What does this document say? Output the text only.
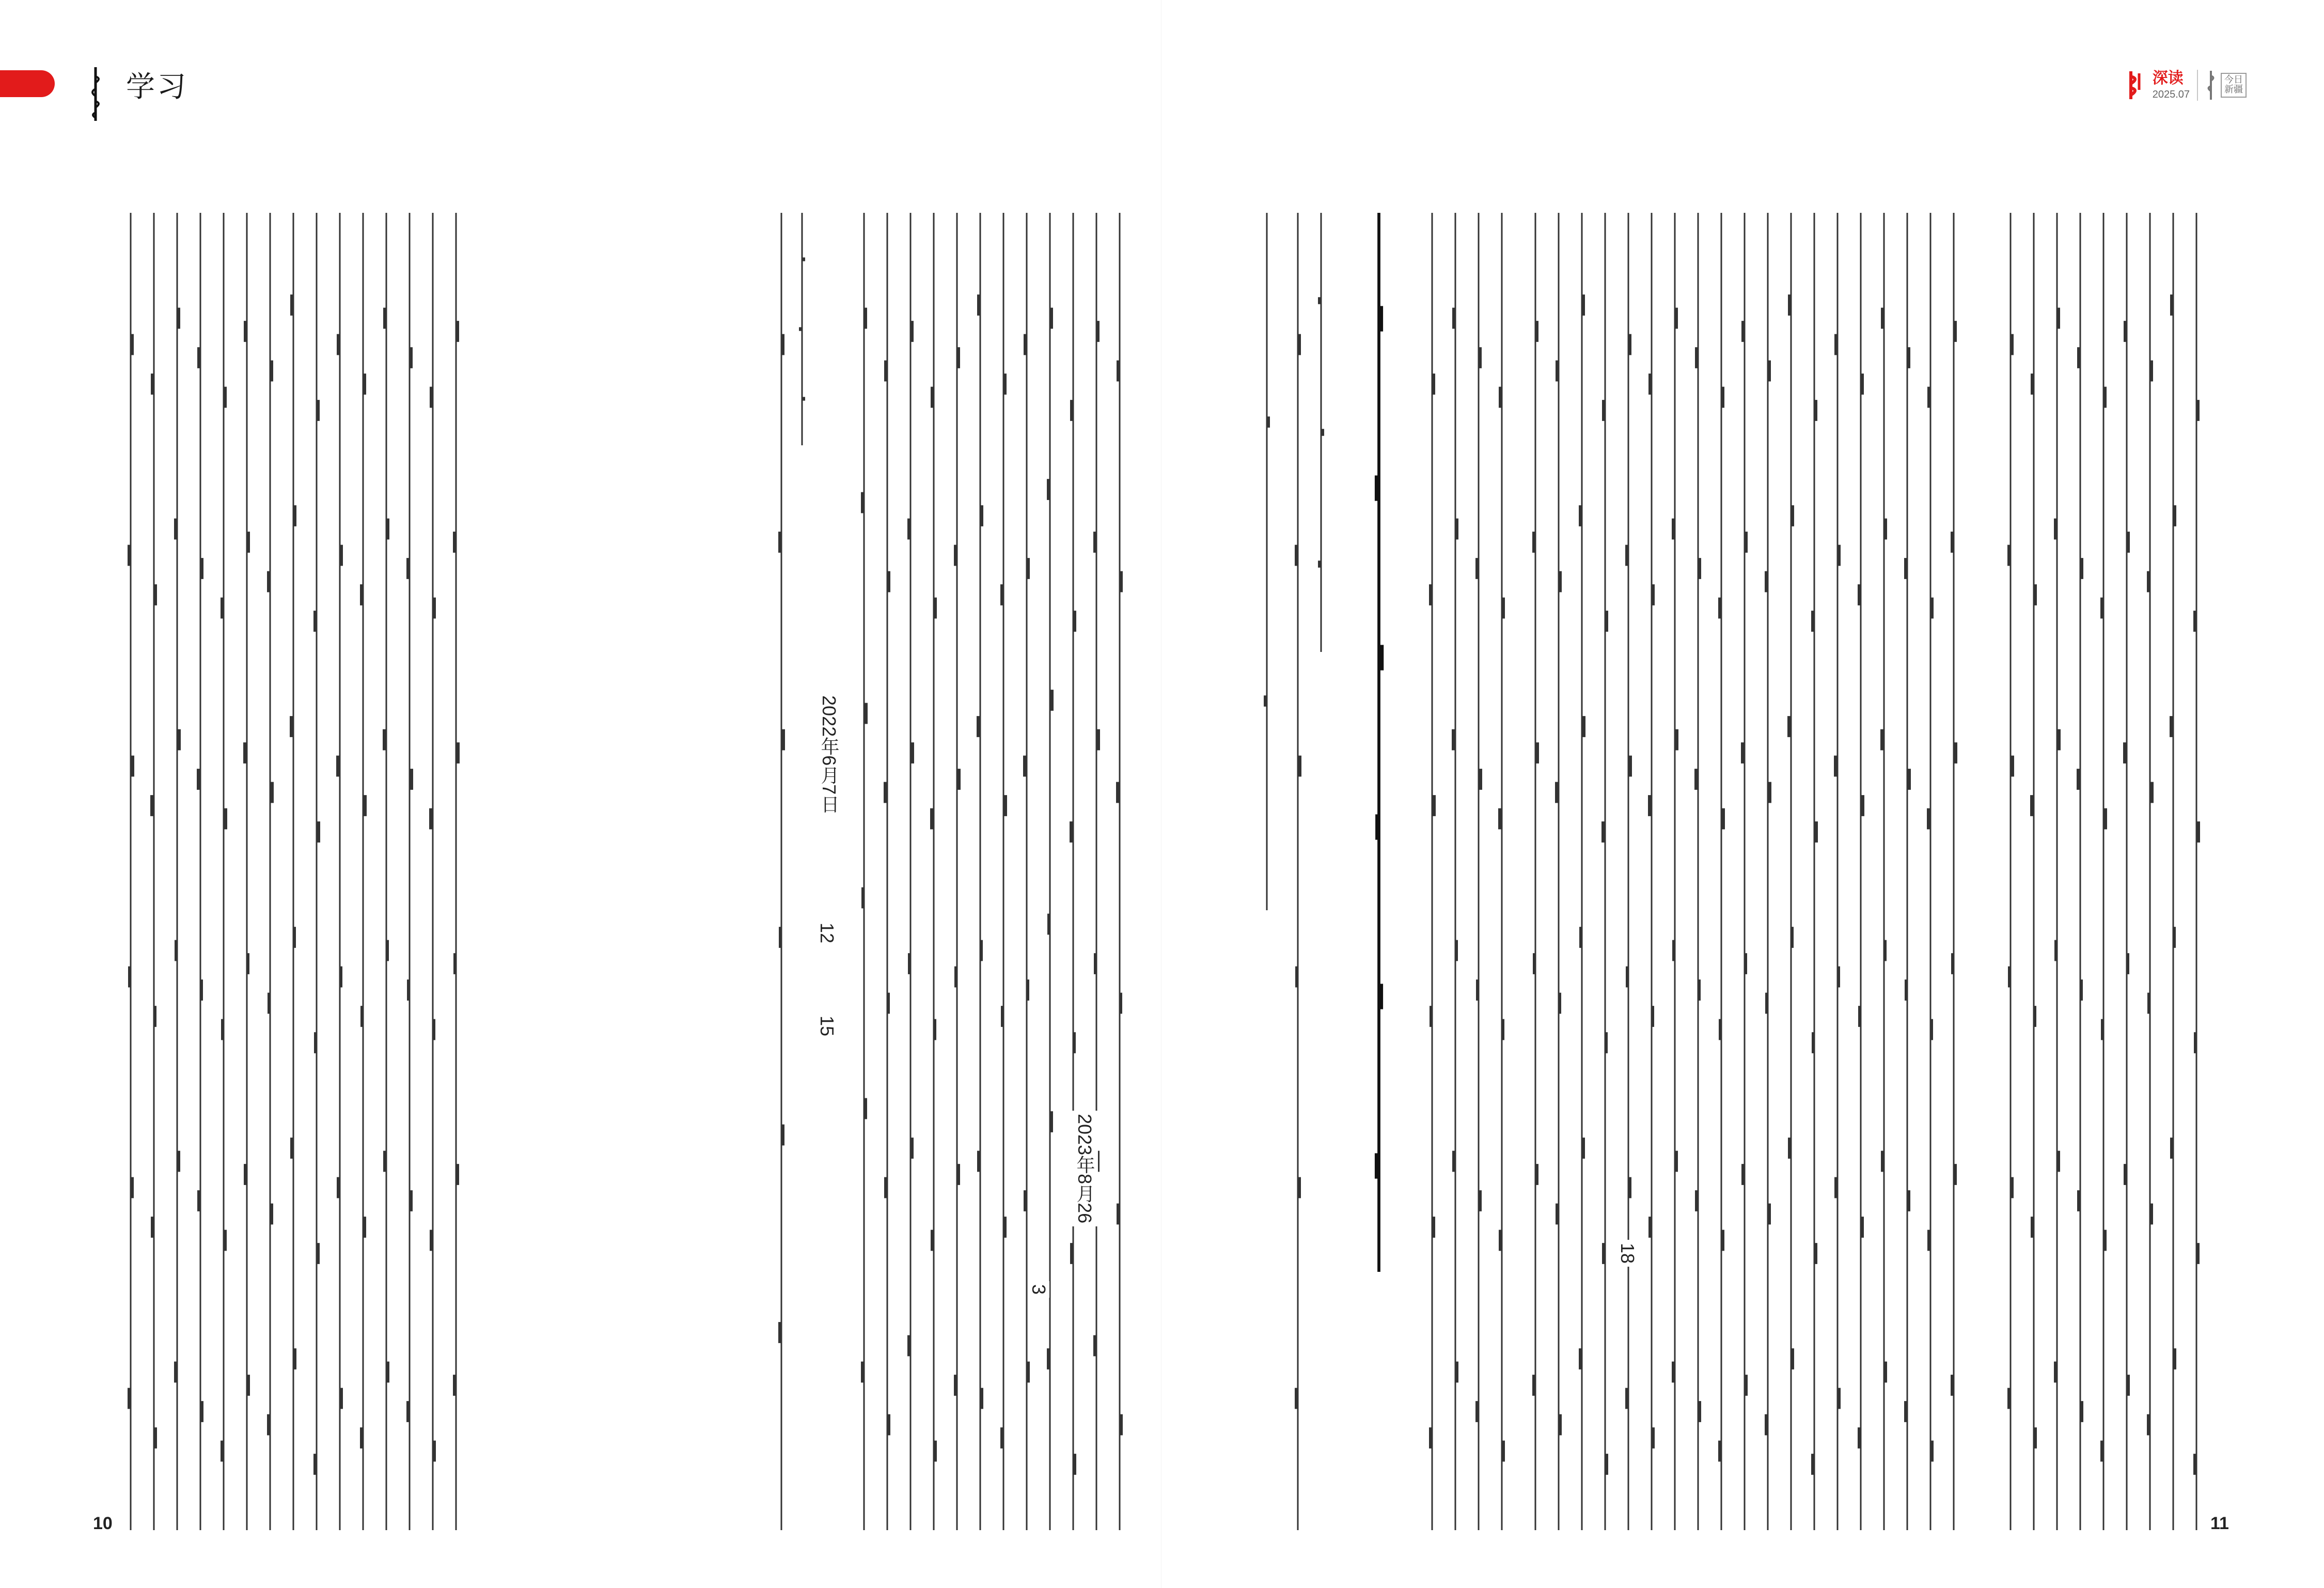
学习	深读
2025.07
今日
新疆
2022年6月7日
12
15
3
2023年8月26
18
10	11
